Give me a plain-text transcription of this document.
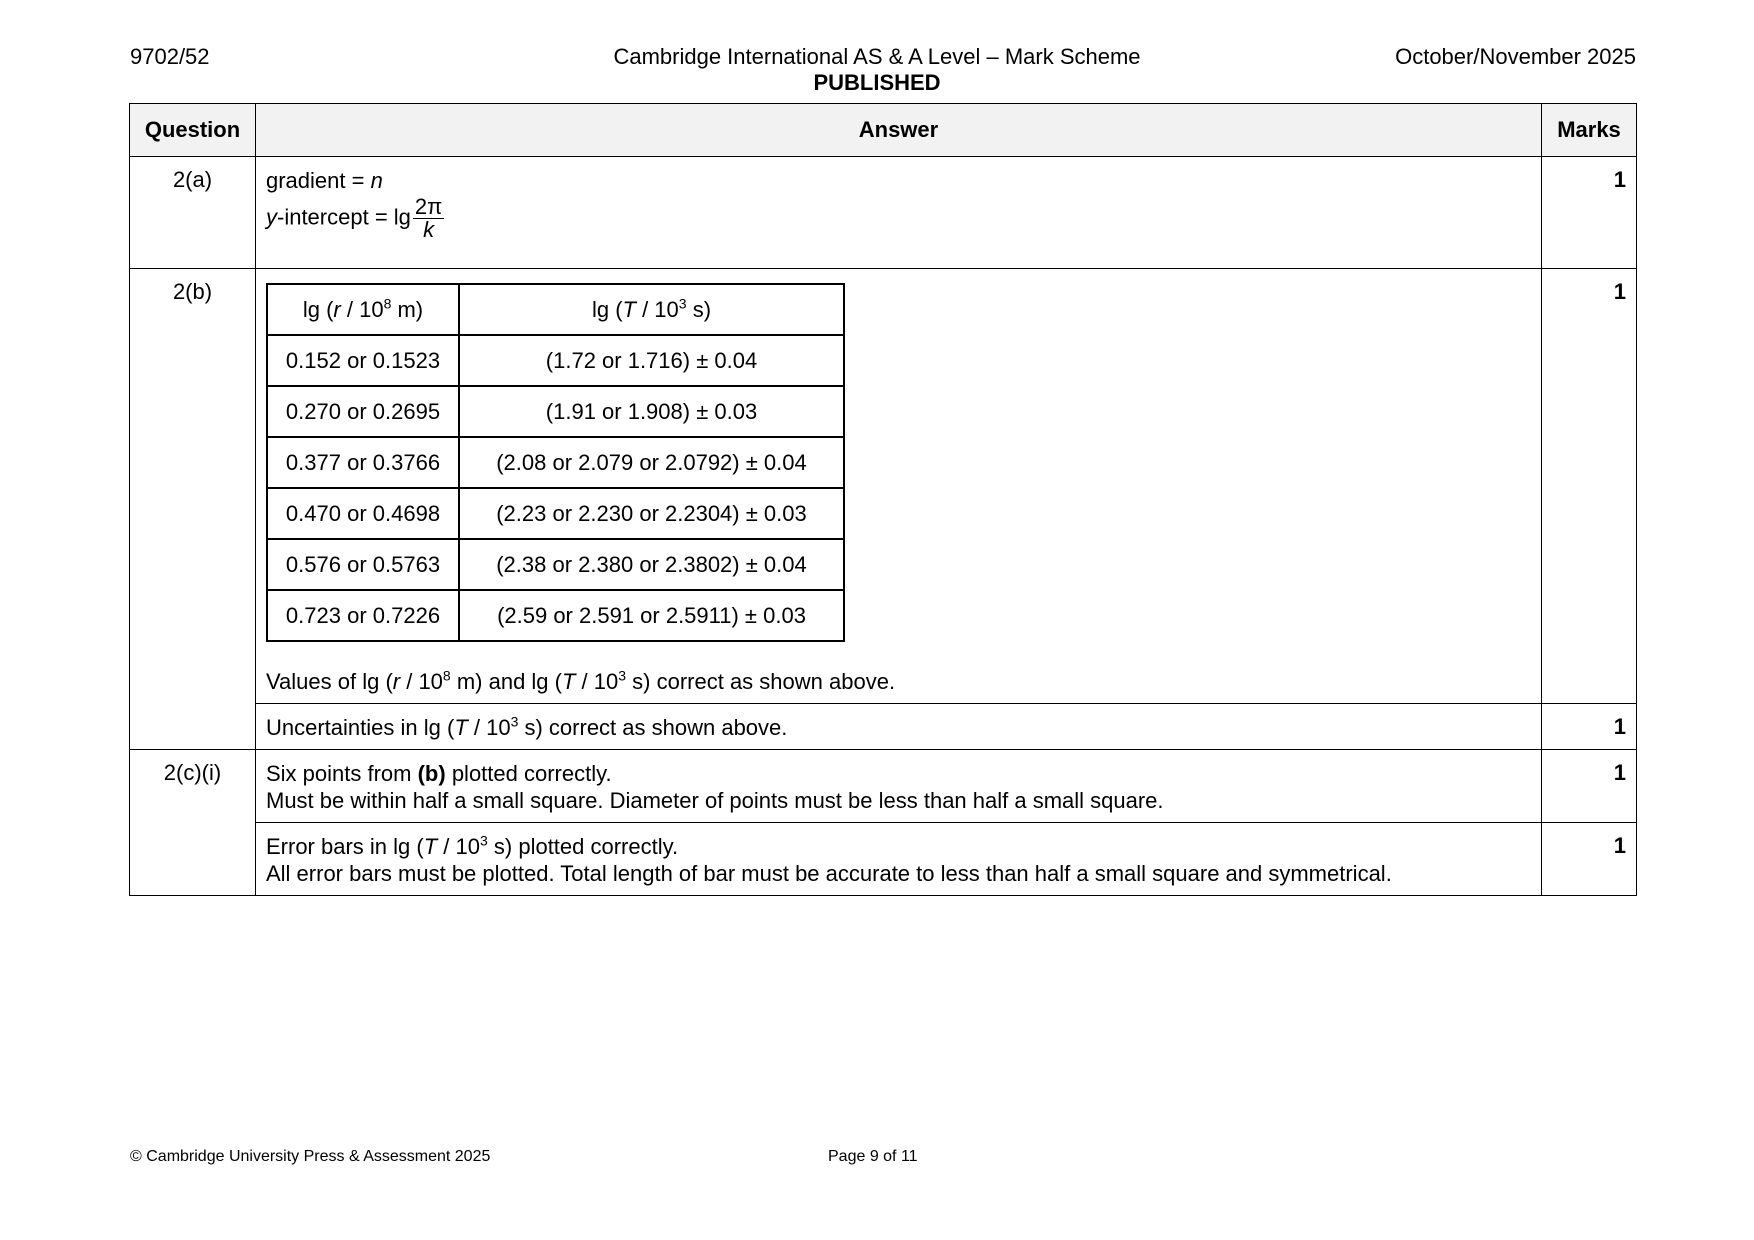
9702/52	Cambridge International AS & A Level – Mark Scheme
PUBLISHED
October/November 2025
Question	Answer	Marks
2(a)	gradient = n
y-intercept = $\lg \frac{2\pi}{k}$
	1
2(b)	
$\lg (r / 10^8$ m)	$\lg (T / 10^3$ s)
0.152 or 0.1523	(1.72 or 1.716) ± 0.04
0.270 or 0.2695	(1.91 or 1.908) ± 0.03
0.377 or 0.3766	(2.08 or 2.079 or 2.0792) ± 0.04
0.470 or 0.4698	(2.23 or 2.230 or 2.2304) ± 0.03
0.576 or 0.5763	(2.38 or 2.380 or 2.3802) ± 0.04
0.723 or 0.7226	(2.59 or 2.591 or 2.5911) ± 0.03
Values of $\lg (r / 10^8$ m) and $\lg (T / 10^3$ s) correct as shown above.
	1

Uncertainties in $\lg (T / 10^3$ s) correct as shown above.	1
2(c)(i)	Six points from (b) plotted correctly.
Must be within half a small square. Diameter of points must be less than half a small square.
	1

Error bars in $\lg (T / 10^3$ s) plotted correctly.
All error bars must be plotted. Total length of bar must be accurate to less than half a small square and symmetrical.
	1
© Cambridge University Press & Assessment 2025	Page 9 of 11
